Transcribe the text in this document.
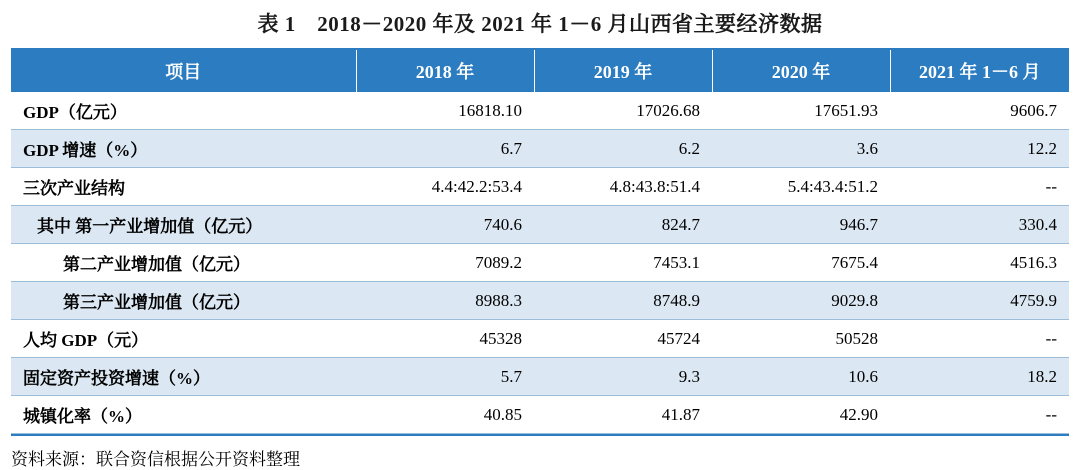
表 1　2018－2020 年及 2021 年 1－6 月山西省主要经济数据
项目	2018 年	2019 年	2020 年	2021 年 1－6 月
GDP（亿元）	16818.10	17026.68	17651.93	9606.7
GDP 增速（%）	6.7	6.2	3.6	12.2
三次产业结构	4.4:42.2:53.4	4.8:43.8:51.4	5.4:43.4:51.2	--
其中 第一产业增加值（亿元）	740.6	824.7	946.7	330.4
第二产业增加值（亿元）	7089.2	7453.1	7675.4	4516.3
第三产业增加值（亿元）	8988.3	8748.9	9029.8	4759.9
人均 GDP（元）	45328	45724	50528	--
固定资产投资增速（%）	5.7	9.3	10.6	18.2
城镇化率（%）	40.85	41.87	42.90	--
资料来源：联合资信根据公开资料整理
